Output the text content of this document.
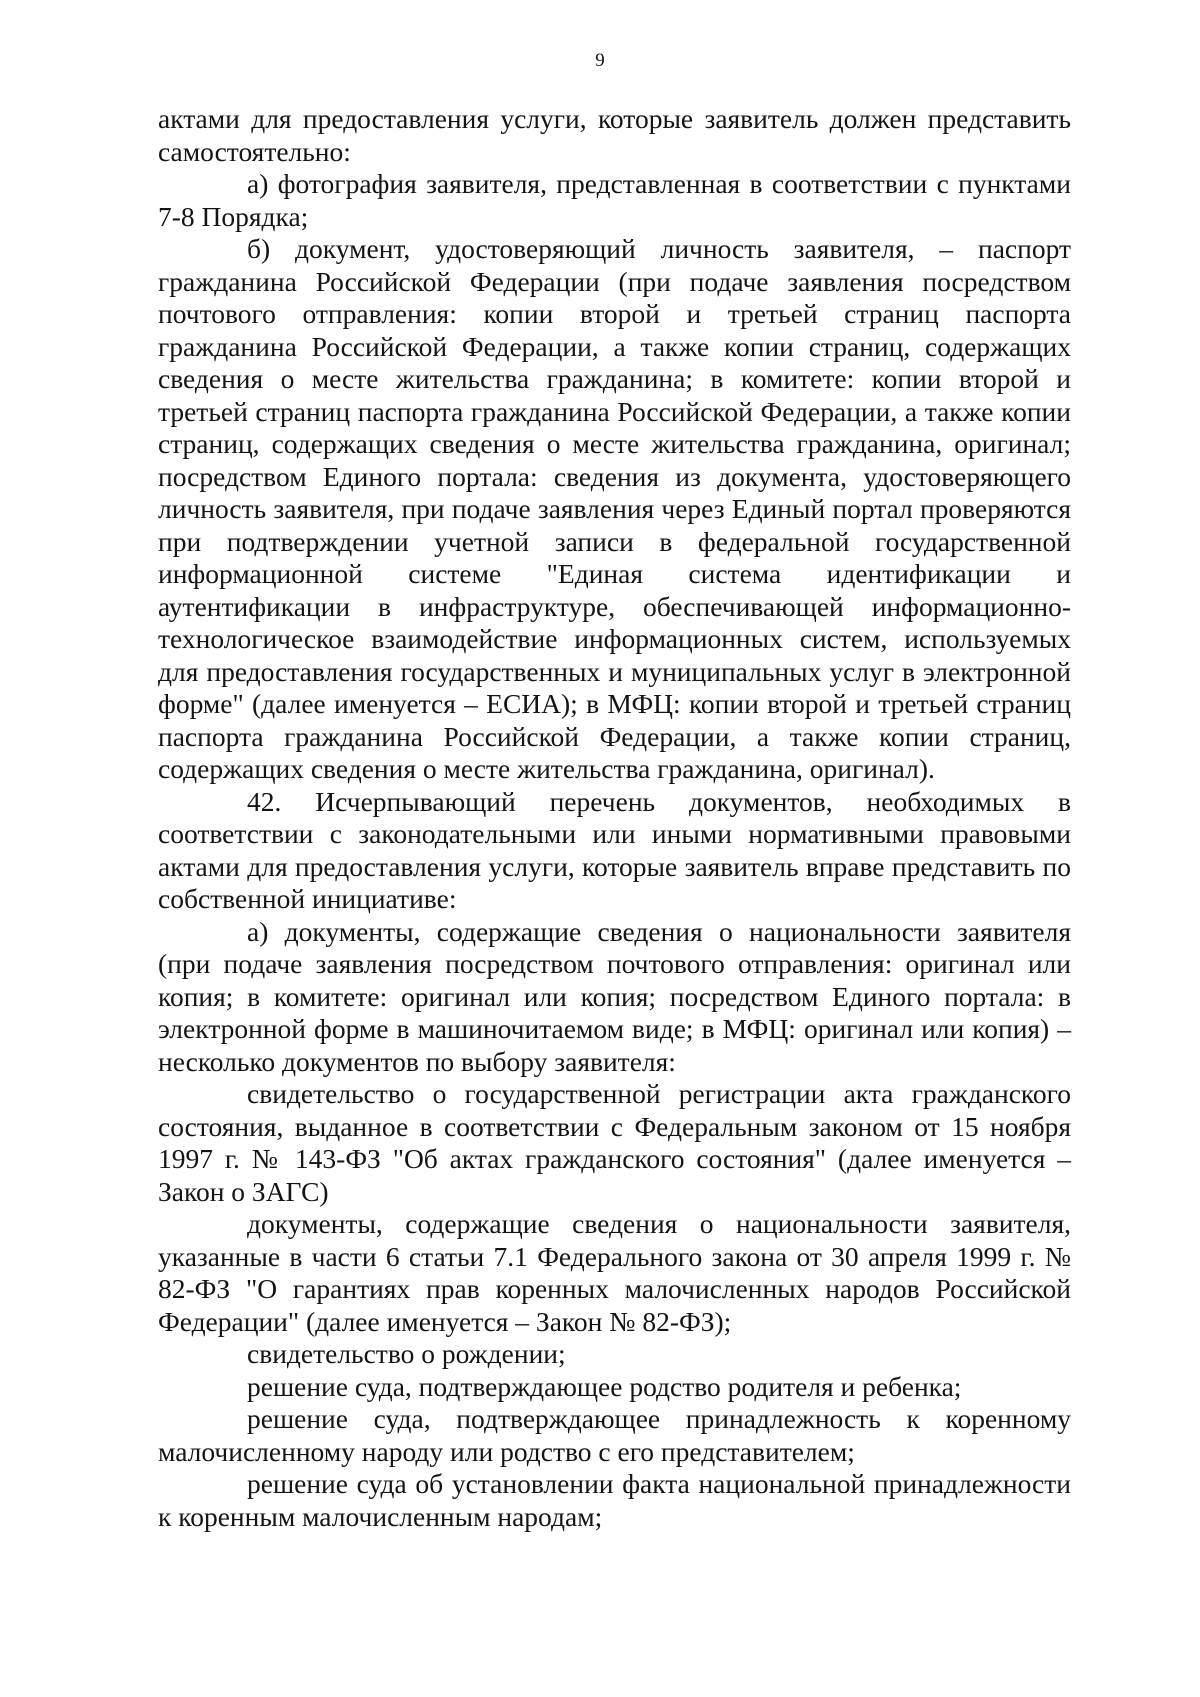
9

актами для предоставления услуги, которые заявитель должен представить самостоятельно:

а) фотография заявителя, представленная в соответствии с пунктами 7-8 Порядка;

б) документ, удостоверяющий личность заявителя, – паспорт гражданина Российской Федерации (при подаче заявления посредством почтового отправления: копии второй и третьей страниц паспорта гражданина Российской Федерации, а также копии страниц, содержащих сведения о месте жительства гражданина; в комитете: копии второй и третьей страниц паспорта гражданина Российской Федерации, а также копии страниц, содержащих сведения о месте жительства гражданина, оригинал; посредством Единого портала: сведения из документа, удостоверяющего личность заявителя, при подаче заявления через Единый портал проверяются при подтверждении учетной записи в федеральной государственной информационной системе "Единая система идентификации и аутентификации в инфраструктуре, обеспечивающей информационно-технологическое взаимодействие информационных систем, используемых для предоставления государственных и муниципальных услуг в электронной форме" (далее именуется – ЕСИА); в МФЦ: копии второй и третьей страниц паспорта гражданина Российской Федерации, а также копии страниц, содержащих сведения о месте жительства гражданина, оригинал).

42. Исчерпывающий перечень документов, необходимых в соответствии с законодательными или иными нормативными правовыми актами для предоставления услуги, которые заявитель вправе представить по собственной инициативе:

а) документы, содержащие сведения о национальности заявителя (при подаче заявления посредством почтового отправления: оригинал или копия; в комитете: оригинал или копия; посредством Единого портала: в электронной форме в машиночитаемом виде; в МФЦ: оригинал или копия) – несколько документов по выбору заявителя:

свидетельство о государственной регистрации акта гражданского состояния, выданное в соответствии с Федеральным законом от 15 ноября 1997 г. № 143-ФЗ "Об актах гражданского состояния" (далее именуется – Закон о ЗАГС)

документы, содержащие сведения о национальности заявителя, указанные в части 6 статьи 7.1 Федерального закона от 30 апреля 1999 г. № 82-ФЗ "О гарантиях прав коренных малочисленных народов Российской Федерации" (далее именуется – Закон № 82-ФЗ);

свидетельство о рождении;

решение суда, подтверждающее родство родителя и ребенка;

решение суда, подтверждающее принадлежность к коренному малочисленному народу или родство с его представителем;

решение суда об установлении факта национальной принадлежности к коренным малочисленным народам;
